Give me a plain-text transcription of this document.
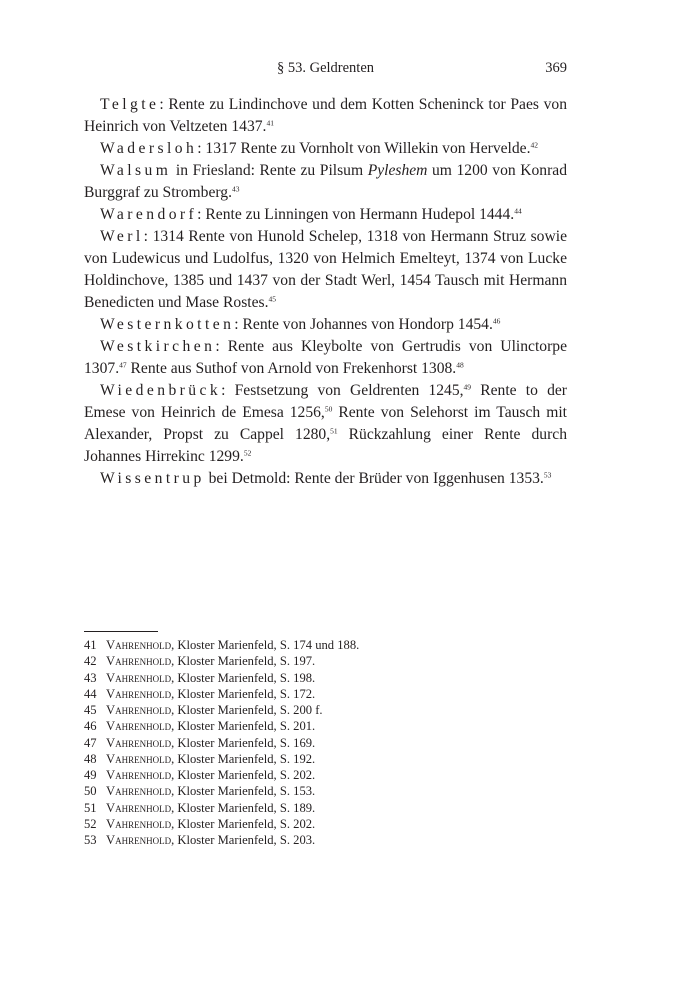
§ 53. Geldrenten	369

Telgte: Rente zu Lindinchove und dem Kotten Scheninck tor Paes von Heinrich von Veltzeten 1437.41

Wadersloh: 1317 Rente zu Vornholt von Willekin von Hervelde.$^{42}$

Walsum in Friesland: Rente zu Pilsum Pyleshem um 1200 von Konrad Burggraf zu Stromberg.$^{43}$

Warendorf: Rente zu Linningen von Hermann Hudepol 1444.44

Werl: 1314 Rente von Hunold Schelep, 1318 von Hermann Struz sowie von Ludewicus und Ludolfus, 1320 von Helmich Emelteyt, 1374 von Lucke Holdinchove, 1385 und 1437 von der Stadt Werl, 1454 Tausch mit Hermann Benedicten und Mase Rostes.$^{45}$

Westernkotten: Rente von Johannes von Hondorp 1454.46

Westkirchen: Rente aus Kleybolte von Gertrudis von Ulinctorpe 1307.47 Rente aus Suthof von Arnold von Frekenhorst 1308.48

Wiedenbrück: Festsetzung von Geldrenten 1245,49 Rente to der Emese von Heinrich de Emesa 1256,50 Rente von Selehorst im Tausch mit Alexander, Propst zu Cappel 1280,51 Rückzahlung einer Rente durch Johannes Hirrekinc 1299.52

Wissentrup bei Detmold: Rente der Brüder von Iggenhusen 1353.53

41 Vahrenhold, Kloster Marienfeld, S. 174 und 188.
42 Vahrenhold, Kloster Marienfeld, S. 197.
43 Vahrenhold, Kloster Marienfeld, S. 198.
44 Vahrenhold, Kloster Marienfeld, S. 172.
45 Vahrenhold, Kloster Marienfeld, S. 200 f.
46 Vahrenhold, Kloster Marienfeld, S. 201.
47 Vahrenhold, Kloster Marienfeld, S. 169.
48 Vahrenhold, Kloster Marienfeld, S. 192.
49 Vahrenhold, Kloster Marienfeld, S. 202.
50 Vahrenhold, Kloster Marienfeld, S. 153.
51 Vahrenhold, Kloster Marienfeld, S. 189.
52 Vahrenhold, Kloster Marienfeld, S. 202.
53 Vahrenhold, Kloster Marienfeld, S. 203.
